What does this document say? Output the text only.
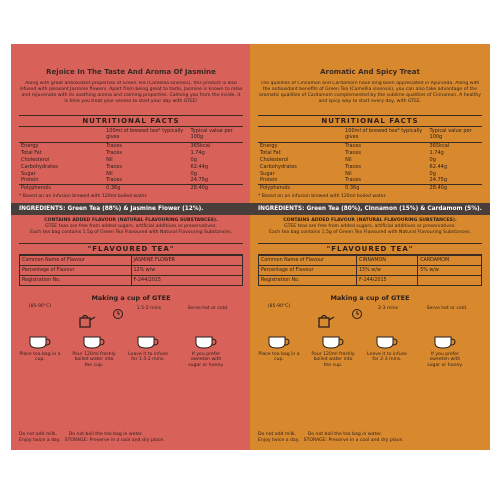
Rejoice In The Taste And Aroma Of Jasmine
Along with great antioxidant properties of Green Tea (Camellia sinensis), this product is also infused with pleasant Jasmine flowers. Apart from being great to taste, Jasmine is known to relax and rejuvenate with its soothing aroma and calming properties. Calming you from the inside, it is time you treat your senses to start your day with GTEE!
NUTRITIONAL FACTS
	100ml of brewed tea* typically gives	Typical value per 100g
Energy	Traces	365kcal
Total Fat	Traces	1.74g
Cholesterol	Nil	0g
Carbohydrates	Traces	62.44g
Sugar	Nil	0g
Protein	Traces	24.75g
Polyphenols	0.36g	28.40g
* Based on an infusion brewed with 120ml boiled water.
INGREDIENTS: Green Tea (88%) & Jasmine Flower (12%).
CONTAINS ADDED FLAVOUR (NATURAL FLAVOURING SUBSTANCES).
GTEE teas are free from added sugars, artificial additives or preservatives.
Each tea bag contains 1.5g of Green Tea Flavoured with Natural Flavouring Substances.
"FLAVOURED TEA"
Common Name of Flavour	JASMINE FLOWER
Percentage of Flavour	12% w/w
Registration No.	F-244/2015
Making a cup of GTEE
(85-90°C)	1.5-2 mins	Serve hot or cold.
Place tea bag in a cup.
Pour 120ml freshly boiled water into the cup.
Leave it to infuse for 1.5-2 mins.
If you prefer sweeten with sugar or honey.
Do not add milk.	Do not boil the tea bag in water.
Enjoy twice a day. STORAGE: Preserve in a cool and dry place.
Aromatic And Spicy Treat
The qualities of Cinnamon and Cardamom have long been appreciated in Ayurveda. Along with the antioxidant benefits of Green Tea (Camellia sinensis), you can also take advantage of the aromatic qualities of Cardamom complemented by the sublime qualities of Cinnamon. A healthy and spicy way to start every day, with GTEE.
NUTRITIONAL FACTS
	100ml of brewed tea* typically gives	Typical value per 100g
Energy	Traces	365kcal
Total Fat	Traces	1.74g
Cholesterol	Nil	0g
Carbohydrates	Traces	62.44g
Sugar	Nil	0g
Protein	Traces	24.75g
Polyphenols	0.36g	28.40g
* Based on an infusion brewed with 120ml boiled water.
INGREDIENTS: Green Tea (80%), Cinnamon (15%) & Cardamom (5%).
CONTAINS ADDED FLAVOUR (NATURAL FLAVOURING SUBSTANCES).
GTEE teas are free from added sugars, artificial additives or preservatives.
Each tea bag contains 1.5g of Green Tea Flavoured with Natural Flavouring Substances.
"FLAVOURED TEA"
Common Name of Flavour	CINNAMON	CARDAMOM
Percentage of Flavour	15% w/w	5% w/w
Registration No.	F-244/2015	
Making a cup of GTEE
(85-90°C)	2-3 mins	Serve hot or cold.
Place tea bag in a cup.
Pour 120ml freshly boiled water into the cup.
Leave it to infuse for 2-3 mins.
If you prefer sweeten with sugar or honey.
Do not add milk.	Do not boil the tea bag in water.
Enjoy twice a day. STORAGE: Preserve in a cool and dry place.
